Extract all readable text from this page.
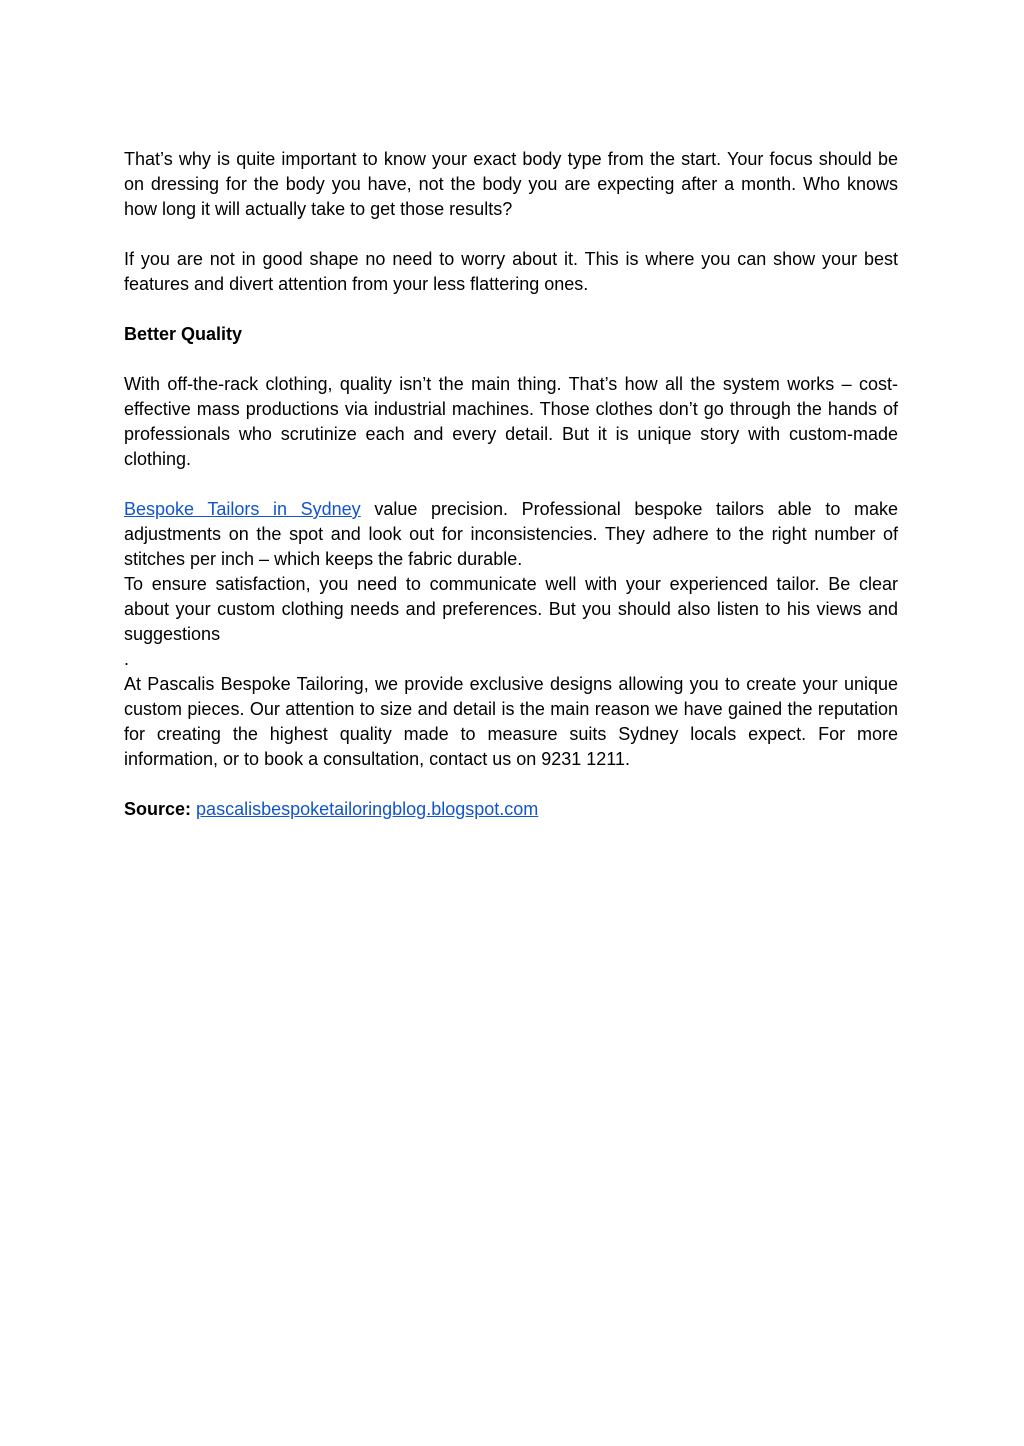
That’s why is quite important to know your exact body type from the start. Your focus should be on dressing for the body you have, not the body you are expecting after a month. Who knows how long it will actually take to get those results?

If you are not in good shape no need to worry about it. This is where you can show your best features and divert attention from your less flattering ones.

Better Quality

With off-the-rack clothing, quality isn’t the main thing. That’s how all the system works – cost-effective mass productions via industrial machines. Those clothes don’t go through the hands of professionals who scrutinize each and every detail. But it is unique story with custom-made clothing.

Bespoke Tailors in Sydney value precision. Professional bespoke tailors able to make adjustments on the spot and look out for inconsistencies. They adhere to the right number of stitches per inch – which keeps the fabric durable.

To ensure satisfaction, you need to communicate well with your experienced tailor. Be clear about your custom clothing needs and preferences. But you should also listen to his views and suggestions

.

At Pascalis Bespoke Tailoring, we provide exclusive designs allowing you to create your unique custom pieces. Our attention to size and detail is the main reason we have gained the reputation for creating the highest quality made to measure suits Sydney locals expect. For more information, or to book a consultation, contact us on 9231 1211.

Source: pascalisbespoketailoringblog.blogspot.com
